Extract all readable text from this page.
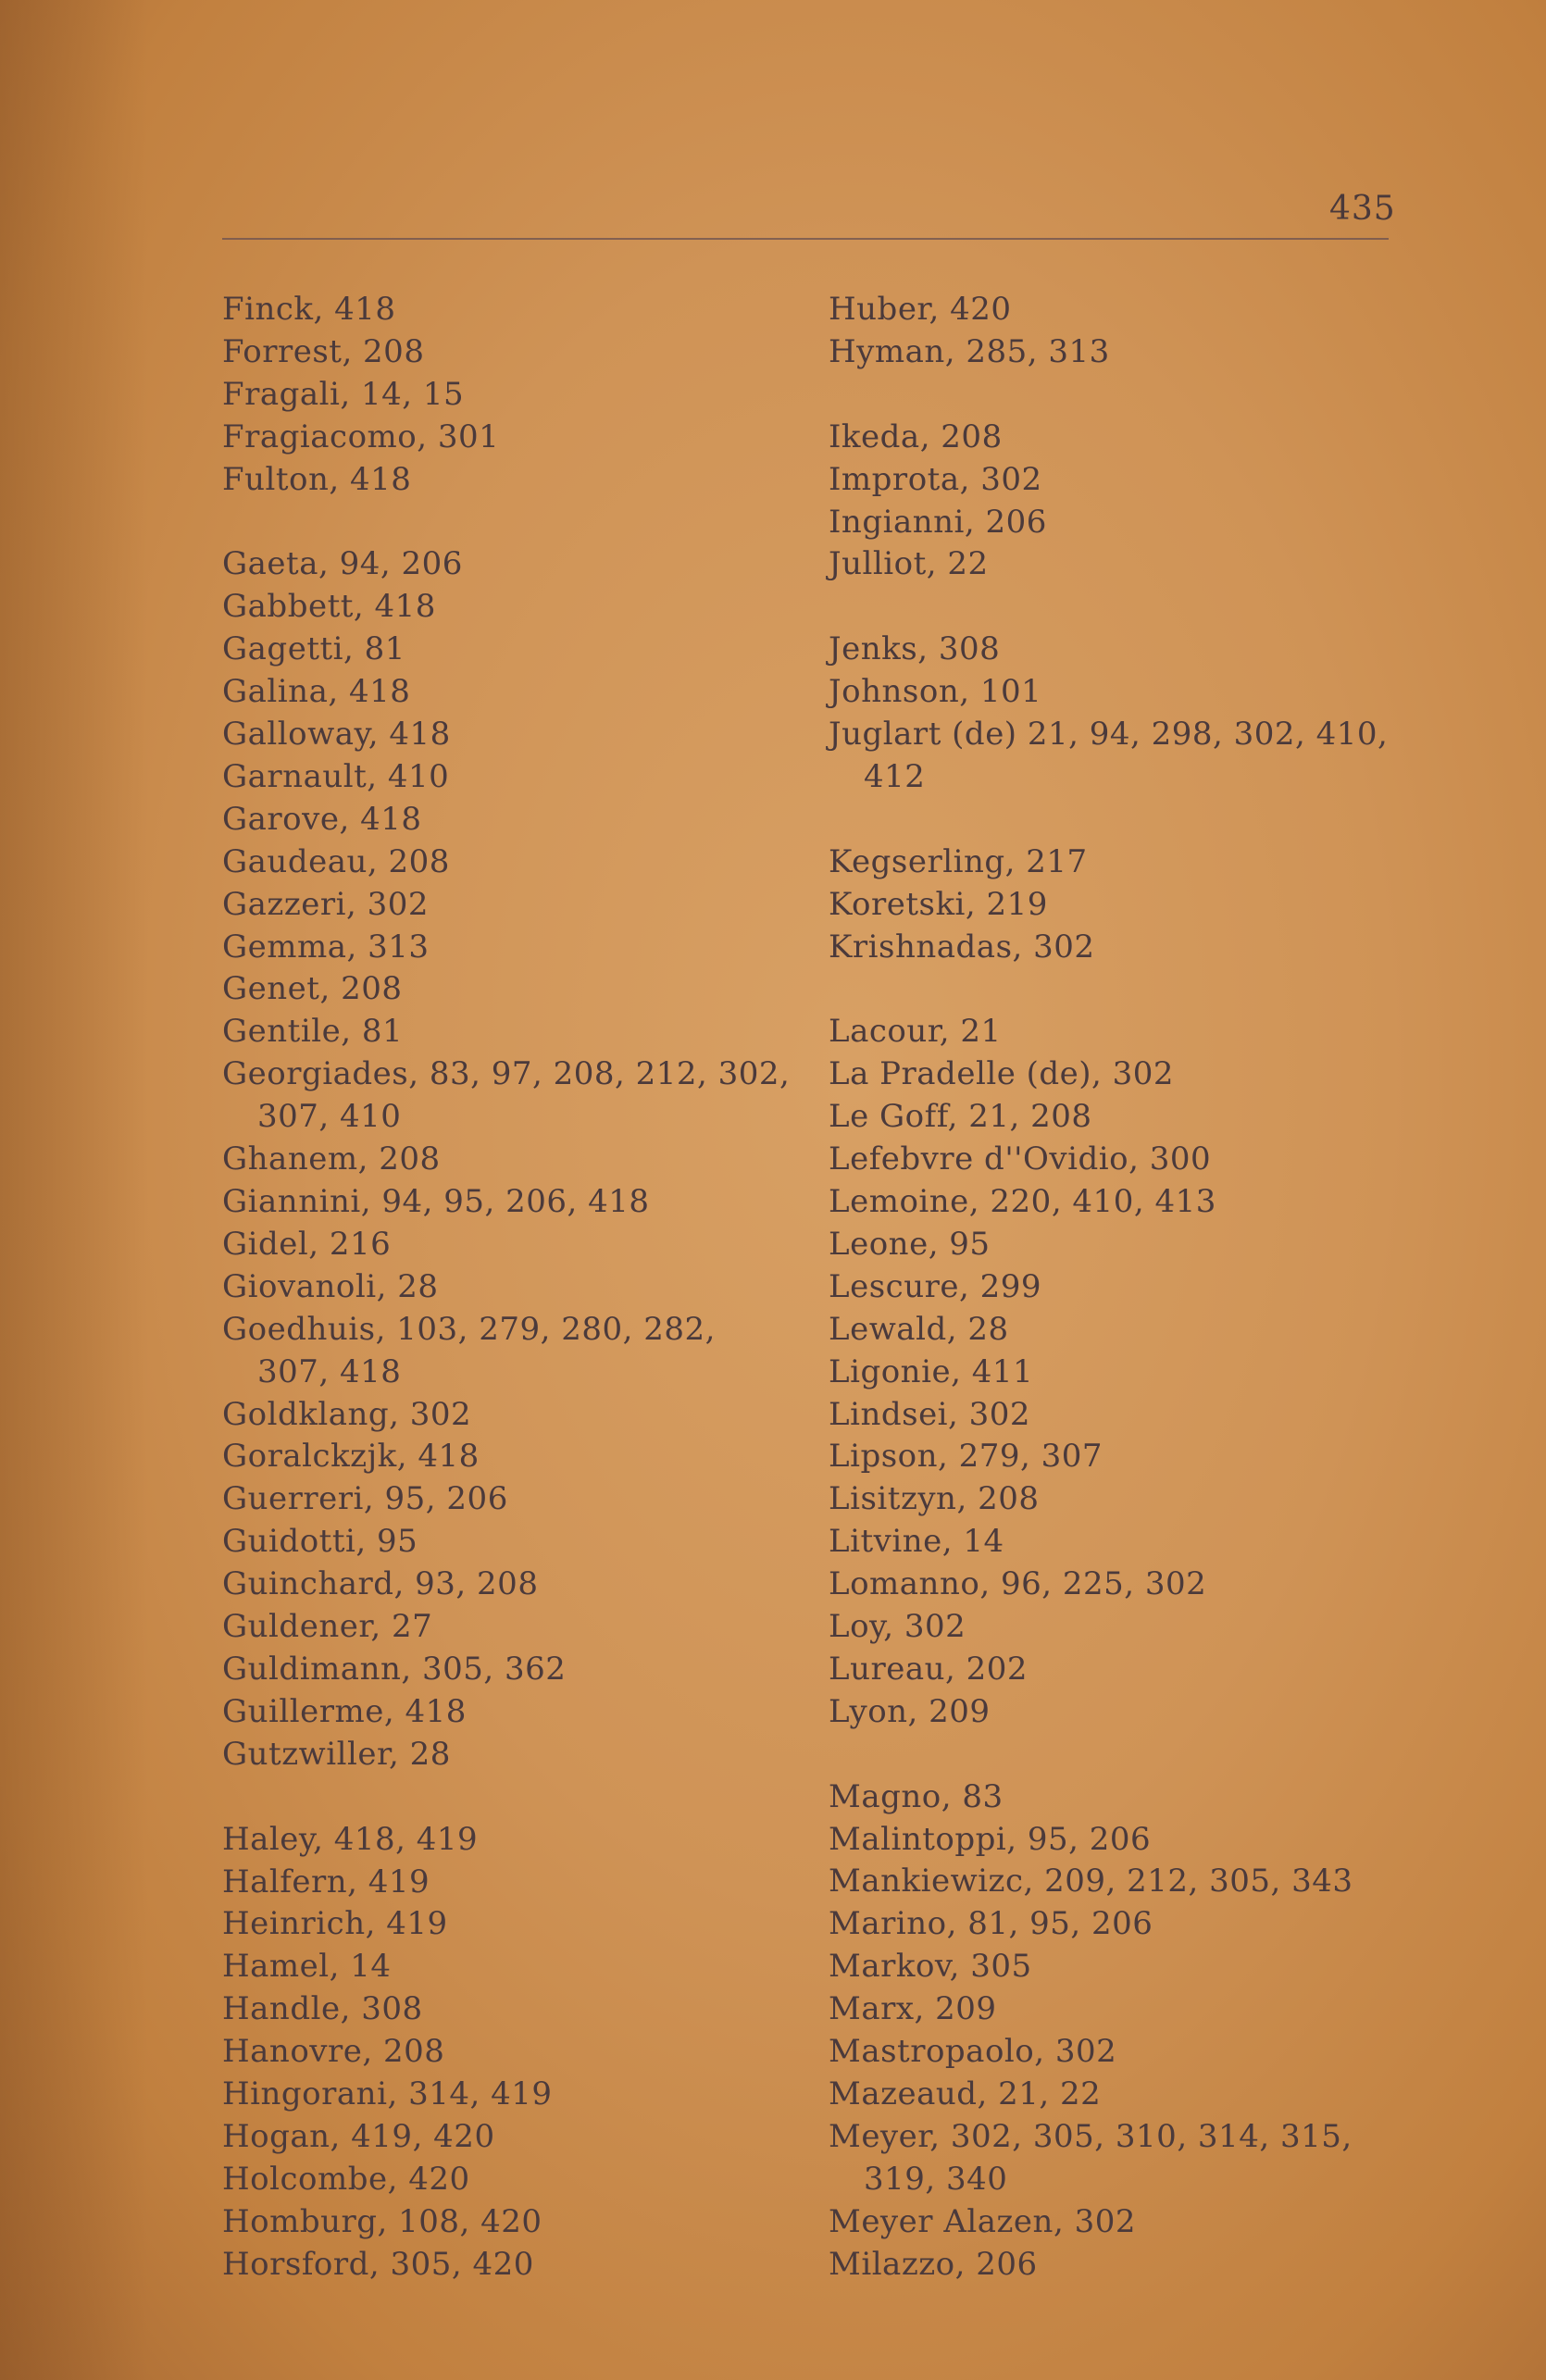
435

Finck, 418

Forrest, 208

Fragali, 14, 15

Fragiacomo, 301

Fulton, 418

Gaeta, 94, 206

Gabbett, 418

Gagetti, 81

Galina, 418

Galloway, 418

Garnault, 410

Garove, 418

Gaudeau, 208

Gazzeri, 302

Gemma, 313

Genet, 208

Gentile, 81

Georgiades, 83, 97, 208, 212, 302, 307, 410

Ghanem, 208

Giannini, 94, 95, 206, 418

Gidel, 216

Giovanoli, 28

Goedhuis, 103, 279, 280, 282, 307, 418

Goldklang, 302

Goralckzjk, 418

Guerreri, 95, 206

Guidotti, 95

Guinchard, 93, 208

Guldener, 27

Guldimann, 305, 362

Guillerme, 418

Gutzwiller, 28

Haley, 418, 419

Halfern, 419

Heinrich, 419

Hamel, 14

Handle, 308

Hanovre, 208

Hingorani, 314, 419

Hogan, 419, 420

Holcombe, 420

Homburg, 108, 420

Horsford, 305, 420

Huber, 420

Hyman, 285, 313

Ikeda, 208

Improta, 302

Ingianni, 206

Julliot, 22

Jenks, 308

Johnson, 101

Juglart (de) 21, 94, 298, 302, 410, 412

Kegserling, 217

Koretski, 219

Krishnadas, 302

Lacour, 21

La Pradelle (de), 302

Le Goff, 21, 208

Lefebvre d''Ovidio, 300

Lemoine, 220, 410, 413

Leone, 95

Lescure, 299

Lewald, 28

Ligonie, 411

Lindsei, 302

Lipson, 279, 307

Lisitzyn, 208

Litvine, 14

Lomanno, 96, 225, 302

Loy, 302

Lureau, 202

Lyon, 209

Magno, 83

Malintoppi, 95, 206

Mankiewizc, 209, 212, 305, 343

Marino, 81, 95, 206

Markov, 305

Marx, 209

Mastropaolo, 302

Mazeaud, 21, 22

Meyer, 302, 305, 310, 314, 315, 319, 340

Meyer Alazen, 302

Milazzo, 206
